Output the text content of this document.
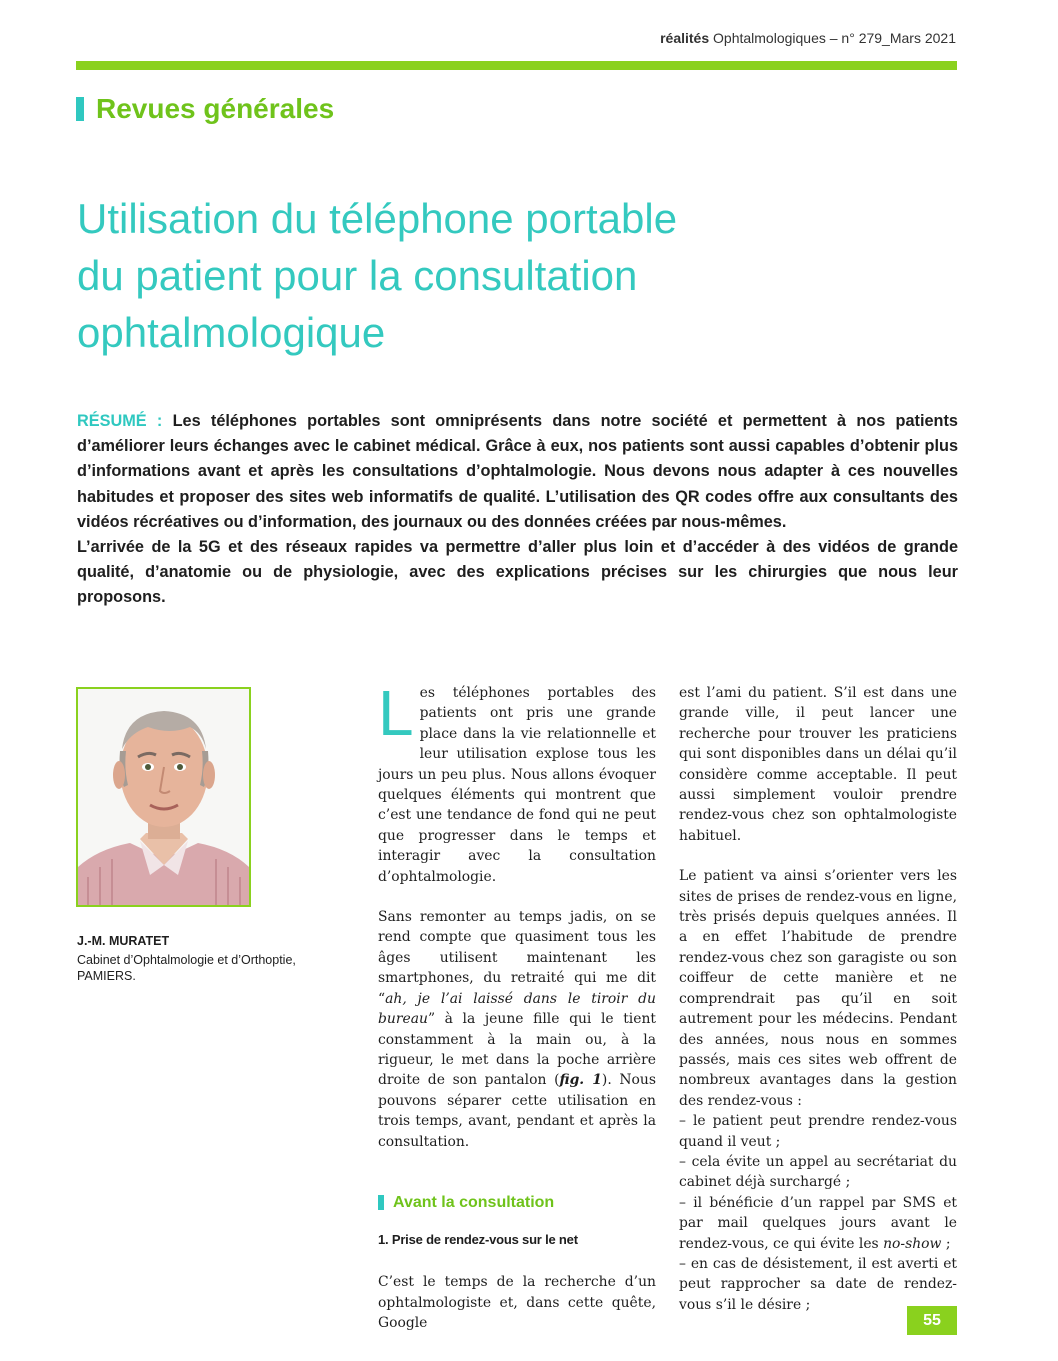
réalités Ophtalmologiques – n° 279_Mars 2021
Revues générales
Utilisation du téléphone portable
du patient pour la consultation
ophtalmologique

RÉSUMÉ : Les téléphones portables sont omniprésents dans notre société et permettent à nos patients d’améliorer leurs échanges avec le cabinet médical. Grâce à eux, nos patients sont aussi capables d’obtenir plus d’informations avant et après les consultations d’ophtalmologie. Nous devons nous adapter à ces nouvelles habitudes et proposer des sites web informatifs de qualité. L’utilisation des QR codes offre aux consultants des vidéos récréatives ou d’information, des journaux ou des données créées par nous-mêmes.

L’arrivée de la 5G et des réseaux rapides va permettre d’aller plus loin et d’accéder à des vidéos de grande qualité, d’anatomie ou de physiologie, avec des explications précises sur les chirurgies que nous leur proposons.

J.-M. MURATET
Cabinet d’Ophtalmologie et d’Orthoptie, PAMIERS.

Les téléphones portables des patients ont pris une grande place dans la vie relationnelle et leur utilisation explose tous les jours un peu plus. Nous allons évoquer quelques éléments qui montrent que c’est une tendance de fond qui ne peut que progresser dans le temps et interagir avec la consultation d’ophtalmologie.

Sans remonter au temps jadis, on se rend compte que quasiment tous les âges utilisent maintenant les smartphones, du retraité qui me dit “ah, je l’ai laissé dans le tiroir du bureau” à la jeune fille qui le tient constamment à la main ou, à la rigueur, le met dans la poche arrière droite de son pantalon (fig. 1). Nous pouvons séparer cette utilisation en trois temps, avant, pendant et après la consultation.

Avant la consultation
1. Prise de rendez-vous sur le net

C’est le temps de la recherche d’un ophtalmologiste et, dans cette quête, Google

est l’ami du patient. S’il est dans une grande ville, il peut lancer une recherche pour trouver les praticiens qui sont disponibles dans un délai qu’il considère comme acceptable. Il peut aussi simplement vouloir prendre rendez-vous chez son ophtalmologiste habituel.

Le patient va ainsi s’orienter vers les sites de prises de rendez-vous en ligne, très prisés depuis quelques années. Il a en effet l’habitude de prendre rendez-vous chez son garagiste ou son coiffeur de cette manière et ne comprendrait pas qu’il en soit autrement pour les médecins. Pendant des années, nous nous en sommes passés, mais ces sites web offrent de nombreux avantages dans la gestion des rendez-vous :

– le patient peut prendre rendez-vous quand il veut ;

– cela évite un appel au secrétariat du cabinet déjà surchargé ;

– il bénéficie d’un rappel par SMS et par mail quelques jours avant le rendez-vous, ce qui évite les no-show ;

– en cas de désistement, il est averti et peut rapprocher sa date de rendez-vous s’il le désire ;

55
